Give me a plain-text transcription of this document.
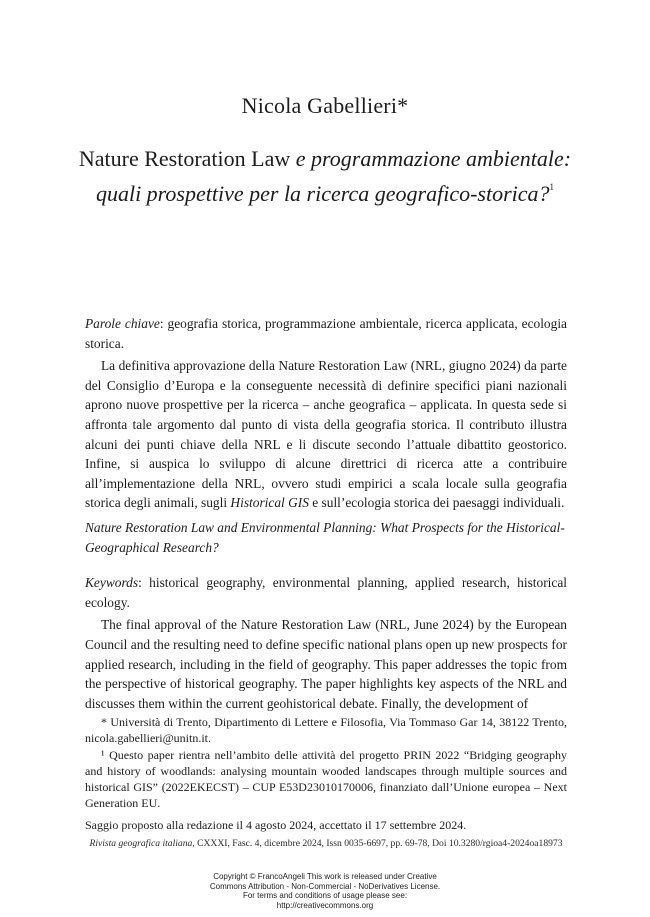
Nicola Gabellieri*
Nature Restoration Law e programmazione ambientale:
quali prospettive per la ricerca geografico-storica?$^1$

Parole chiave: geografia storica, programmazione ambientale, ricerca applicata, ecologia storica.

La definitiva approvazione della Nature Restoration Law (NRL, giugno 2024) da parte del Consiglio d’Europa e la conseguente necessità di definire specifici piani nazionali aprono nuove prospettive per la ricerca – anche geografica – applicata. In questa sede si affronta tale argomento dal punto di vista della geografia storica. Il contributo illustra alcuni dei punti chiave della NRL e li discute secondo l’attuale dibattito geostorico. Infine, si auspica lo sviluppo di alcune direttrici di ricerca atte a contribuire all’implementazione della NRL, ovvero studi empirici a scala locale sulla geografia storica degli animali, sugli Historical GIS e sull’ecologia storica dei paesaggi individuali.

Nature Restoration Law and Environmental Planning: What Prospects for the Historical-Geographical Research?

Keywords: historical geography, environmental planning, applied research, historical ecology.

The final approval of the Nature Restoration Law (NRL, June 2024) by the European Council and the resulting need to define specific national plans open up new prospects for applied research, including in the field of geography. This paper addresses the topic from the perspective of historical geography. The paper highlights key aspects of the NRL and discusses them within the current geohistorical debate. Finally, the development of

* Università di Trento, Dipartimento di Lettere e Filosofia, Via Tommaso Gar 14, 38122 Trento, nicola.gabellieri@unitn.it.

¹ Questo paper rientra nell’ambito delle attività del progetto PRIN 2022 “Bridging geography and history of woodlands: analysing mountain wooded landscapes through multiple sources and historical GIS” (2022EKECST) – CUP E53D23010170006, finanziato dall’Unione europea – Next Generation EU.

Saggio proposto alla redazione il 4 agosto 2024, accettato il 17 settembre 2024.

Rivista geografica italiana, CXXXI, Fasc. 4, dicembre 2024, Issn 0035-6697, pp. 69-78, Doi 10.3280/rgioa4-2024oa18973
Copyright © FrancoAngeli This work is released under Creative
Commons Attribution - Non-Commercial - NoDerivatives License.
For terms and conditions of usage please see:
http://creativecommons.org
